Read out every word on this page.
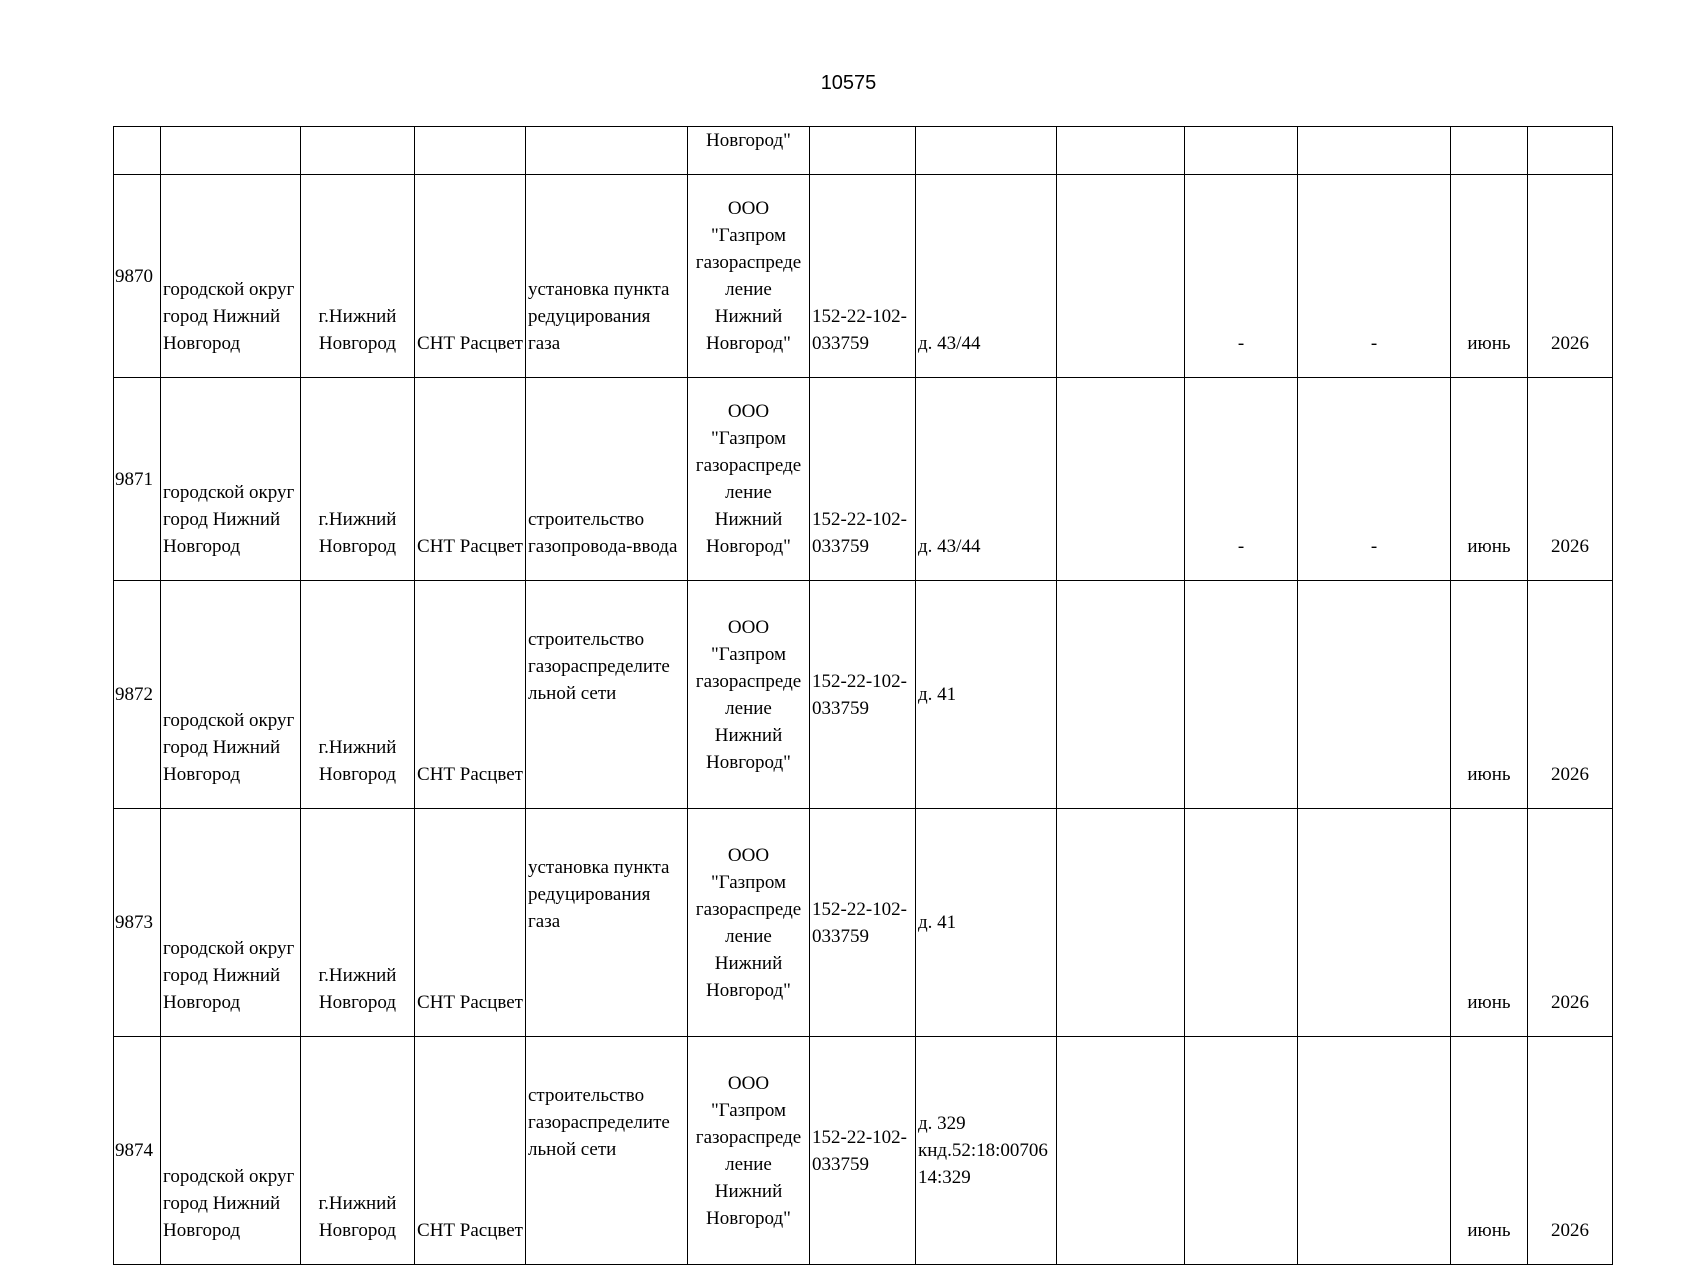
10575
					Новгород"							
9870	городской округ город Нижний Новгород	г.Нижний Новгород	СНТ Расцвет	установка пункта редуцирования газа	ООО "Газпром газораспреде ление Нижний Новгород"	152-22-102-033759	д. 43/44		-	-	июнь	2026
9871	городской округ город Нижний Новгород	г.Нижний Новгород	СНТ Расцвет	строительство газопровода-ввода	ООО "Газпром газораспреде ление Нижний Новгород"	152-22-102-033759	д. 43/44		-	-	июнь	2026
9872	городской округ город Нижний Новгород	г.Нижний Новгород	СНТ Расцвет	строительство газораспределите льной сети	ООО "Газпром газораспреде ление Нижний Новгород"	152-22-102-033759	д. 41				июнь	2026
9873	городской округ город Нижний Новгород	г.Нижний Новгород	СНТ Расцвет	установка пункта редуцирования газа	ООО "Газпром газораспреде ление Нижний Новгород"	152-22-102-033759	д. 41				июнь	2026
9874	городской округ город Нижний Новгород	г.Нижний Новгород	СНТ Расцвет	строительство газораспределите льной сети	ООО "Газпром газораспреде ление Нижний Новгород"	152-22-102-033759	д. 329 кнд.52:18:00706 14:329				июнь	2026
